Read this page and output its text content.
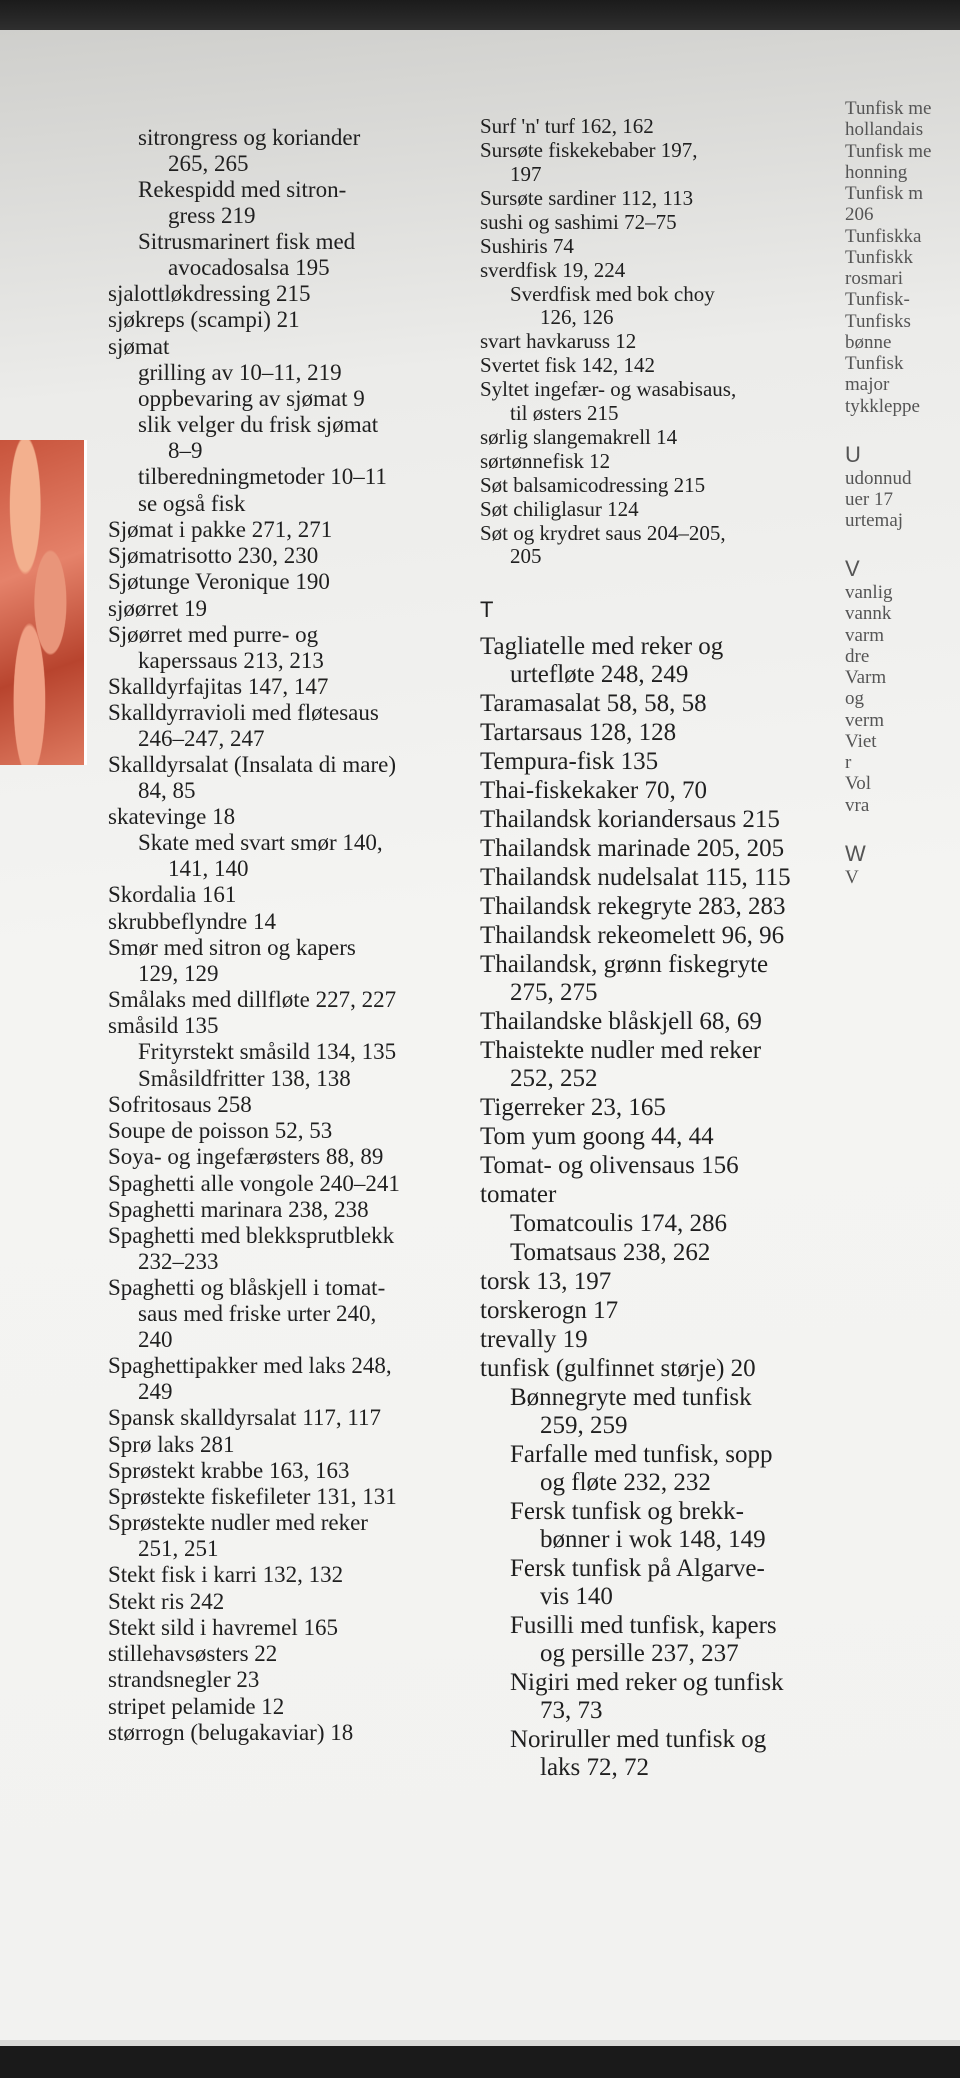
sitrongress og koriander
265, 265
Rekespidd med sitron-
gress 219
Sitrusmarinert fisk med
avocadosalsa 195
sjalottløkdressing 215
sjøkreps (scampi) 21
sjømat
grilling av 10–11, 219
oppbevaring av sjømat 9
slik velger du frisk sjømat
8–9
tilberedningmetoder 10–11
se også fisk
Sjømat i pakke 271, 271
Sjømatrisotto 230, 230
Sjøtunge Veronique 190
sjøørret 19
Sjøørret med purre- og
kaperssaus 213, 213
Skalldyrfajitas 147, 147
Skalldyrravioli med fløtesaus
246–247, 247
Skalldyrsalat (Insalata di mare)
84, 85
skatevinge 18
Skate med svart smør 140,
141, 140
Skordalia 161
skrubbeflyndre 14
Smør med sitron og kapers
129, 129
Smålaks med dillfløte 227, 227
småsild 135
Frityrstekt småsild 134, 135
Småsildfritter 138, 138
Sofritosaus 258
Soupe de poisson 52, 53
Soya- og ingefærøsters 88, 89
Spaghetti alle vongole 240–241
Spaghetti marinara 238, 238
Spaghetti med blekksprutblekk
232–233
Spaghetti og blåskjell i tomat-
saus med friske urter 240,
240
Spaghettipakker med laks 248,
249
Spansk skalldyrsalat 117, 117
Sprø laks 281
Sprøstekt krabbe 163, 163
Sprøstekte fiskefileter 131, 131
Sprøstekte nudler med reker
251, 251
Stekt fisk i karri 132, 132
Stekt ris 242
Stekt sild i havremel 165
stillehavsøsters 22
strandsnegler 23
stripet pelamide 12
størrogn (belugakaviar) 18
Surf 'n' turf 162, 162
Sursøte fiskekebaber 197,
197
Sursøte sardiner 112, 113
sushi og sashimi 72–75
Sushiris 74
sverdfisk 19, 224
Sverdfisk med bok choy
126, 126
svart havkaruss 12
Svertet fisk 142, 142
Syltet ingefær- og wasabisaus,
til østers 215
sørlig slangemakrell 14
sørtønnefisk 12
Søt balsamicodressing 215
Søt chiliglasur 124
Søt og krydret saus 204–205,
205
T
Tagliatelle med reker og
urtefløte 248, 249
Taramasalat 58, 58, 58
Tartarsaus 128, 128
Tempura-fisk 135
Thai-fiskekaker 70, 70
Thailandsk koriandersaus 215
Thailandsk marinade 205, 205
Thailandsk nudelsalat 115, 115
Thailandsk rekegryte 283, 283
Thailandsk rekeomelett 96, 96
Thailandsk, grønn fiskegryte
275, 275
Thailandske blåskjell 68, 69
Thaistekte nudler med reker
252, 252
Tigerreker 23, 165
Tom yum goong 44, 44
Tomat- og olivensaus 156
tomater
Tomatcoulis 174, 286
Tomatsaus 238, 262
torsk 13, 197
torskerogn 17
trevally 19
tunfisk (gulfinnet størje) 20
Bønnegryte med tunfisk
259, 259
Farfalle med tunfisk, sopp
og fløte 232, 232
Fersk tunfisk og brekk-
bønner i wok 148, 149
Fersk tunfisk på Algarve-
vis 140
Fusilli med tunfisk, kapers
og persille 237, 237
Nigiri med reker og tunfisk
73, 73
Noriruller med tunfisk og
laks 72, 72
Tunfisk me
hollandais
Tunfisk me
honning
Tunfisk m
206
Tunfiskka
Tunfiskk
rosmari
Tunfisk-
Tunfisks
bønne
Tunfisk
major
tykkleppe
U
udonnud
uer 17
urtemaj
V
vanlig
vannk
varm
dre
Varm
og
verm
Viet
r
Vol
vra
W
V
